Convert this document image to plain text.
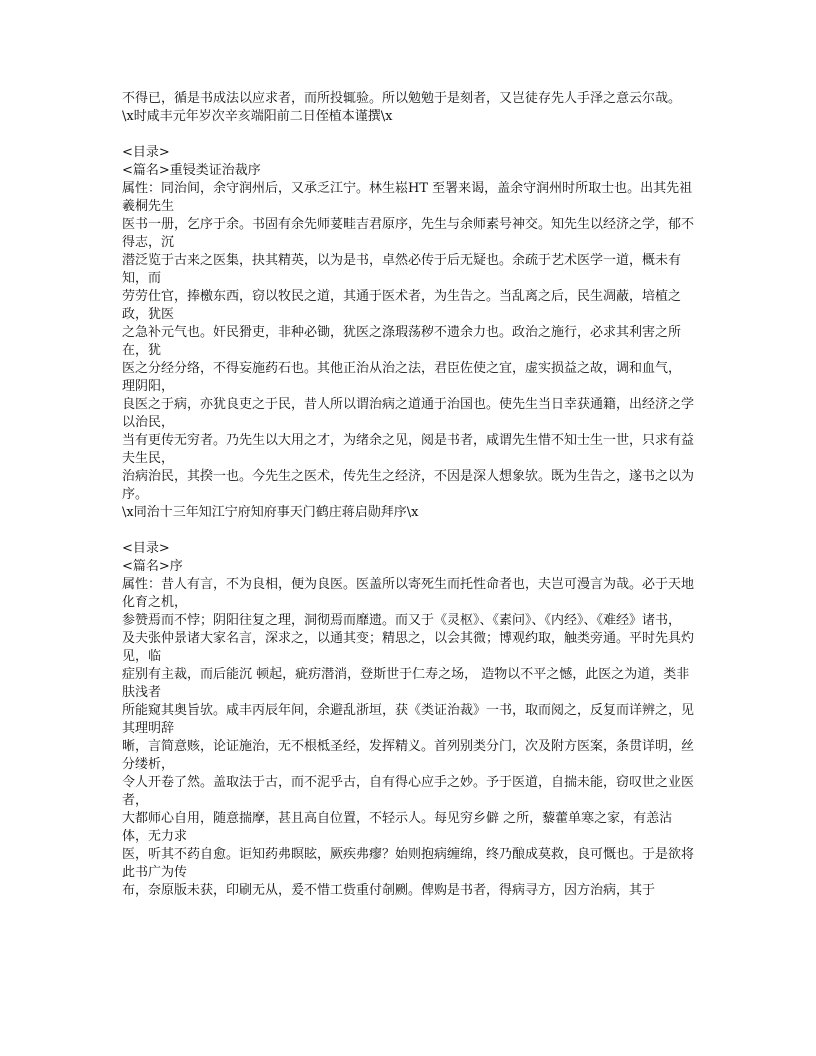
不得已，循是书成法以应求者，而所投辄验。所以勉勉于是刻者，又岂徒存先人手泽之意云尔哉。
\x时咸丰元年岁次辛亥端阳前二日侄植本谨撰\x
<目录>
<篇名>重锓类证治裁序
属性：同治间，余守润州后，又承乏江宁。林生崧HT 至署来谒，盖余守润州时所取士也。出其先祖羲桐先生
医书一册，乞序于余。书固有余先师荽畦吉君原序，先生与余师素号神交。知先生以经济之学，郁不得志，沉
潜泛览于古来之医集，抉其精英，以为是书，卓然必传于后无疑也。余疏于艺术医学一道，概未有知，而
劳劳仕官，捧檄东西，窃以牧民之道，其通于医术者，为生告之。当乱离之后，民生凋蔽，培植之政，犹医
之急补元气也。奸民猾吏，非种必锄，犹医之涤瑕荡秽不遗余力也。政治之施行，必求其利害之所在，犹
医之分经分络，不得妄施药石也。其他正治从治之法，君臣佐使之宜，虚实损益之故，调和血气， 理阴阳，
良医之于病，亦犹良吏之于民，昔人所以谓治病之道通于治国也。使先生当日幸获通籍，出经济之学以治民，
当有更传无穷者。乃先生以大用之才，为绪余之见，阅是书者，咸谓先生惜不知士生一世，只求有益夫生民，
治病治民，其揆一也。今先生之医术，传先生之经济，不因是深人想象欤。既为生告之，遂书之以为序。
\x同治十三年知江宁府知府事天门鹤庄蒋启勋拜序\x
<目录>
<篇名>序
属性：昔人有言，不为良相，便为良医。医盖所以寄死生而托性命者也，夫岂可漫言为哉。必于天地化育之机，
参赞焉而不悖；阴阳往复之理，洞彻焉而靡遗。而又于《灵枢》、《素问》、《内经》、《难经》诸书，
及夫张仲景诸大家名言，深求之，以通其变；精思之，以会其微；博观约取，触类旁通。平时先具灼见，临
症别有主裁，而后能沉 顿起，疵疠潜消，登斯世于仁寿之场， 造物以不平之憾，此医之为道，类非肤浅者
所能窥其奥旨欤。咸丰丙辰年间，余避乱浙垣，获《类证治裁》一书，取而阅之，反复而详辨之，见其理明辞
晰，言简意赅，论证施治，无不根柢圣经，发挥精义。首列别类分门，次及附方医案，条贯详明，丝分缕析，
令人开卷了然。盖取法于古，而不泥乎古，自有得心应手之妙。予于医道，自揣未能，窃叹世之业医者，
大都师心自用，随意揣摩，甚且高自位置，不轻示人。每见穷乡僻 之所，藜藿单寒之家，有恙沾体，无力求
医，听其不药自愈。讵知药弗瞑眩，厥疾弗瘳？始则抱病缠绵，终乃酿成莫救，良可慨也。于是欲将此书广为传
布，奈原版未获，印刷无从，爰不惜工赀重付剞劂。俾购是书者，得病寻方，因方治病，其于
